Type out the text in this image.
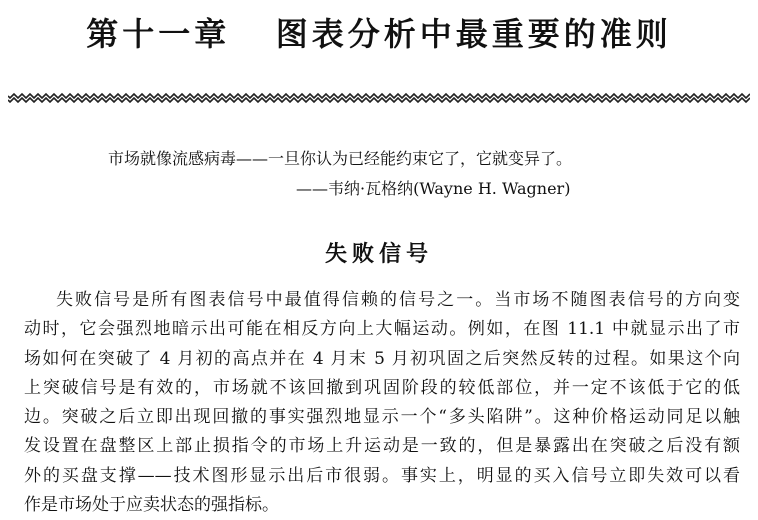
第十一章   图表分析中最重要的准则
市场就像流感病毒——一旦你认为已经能约束它了，它就变异了。
——韦纳·瓦格纳(Wayne H. Wagner)
失败信号
失败信号是所有图表信号中最值得信赖的信号之一。当市场不随图表信号的方向变
动时，它会强烈地暗示出可能在相反方向上大幅运动。例如，在图 11.1 中就显示出了市
场如何在突破了 4 月初的高点并在 4 月末 5 月初巩固之后突然反转的过程。如果这个向
上突破信号是有效的，市场就不该回撤到巩固阶段的较低部位，并一定不该低于它的低
边。突破之后立即出现回撤的事实强烈地显示一个“多头陷阱”。这种价格运动同足以触
发设置在盘整区上部止损指令的市场上升运动是一致的，但是暴露出在突破之后没有额
外的买盘支撑——技术图形显示出后市很弱。事实上，明显的买入信号立即失效可以看
作是市场处于应卖状态的强指标。
